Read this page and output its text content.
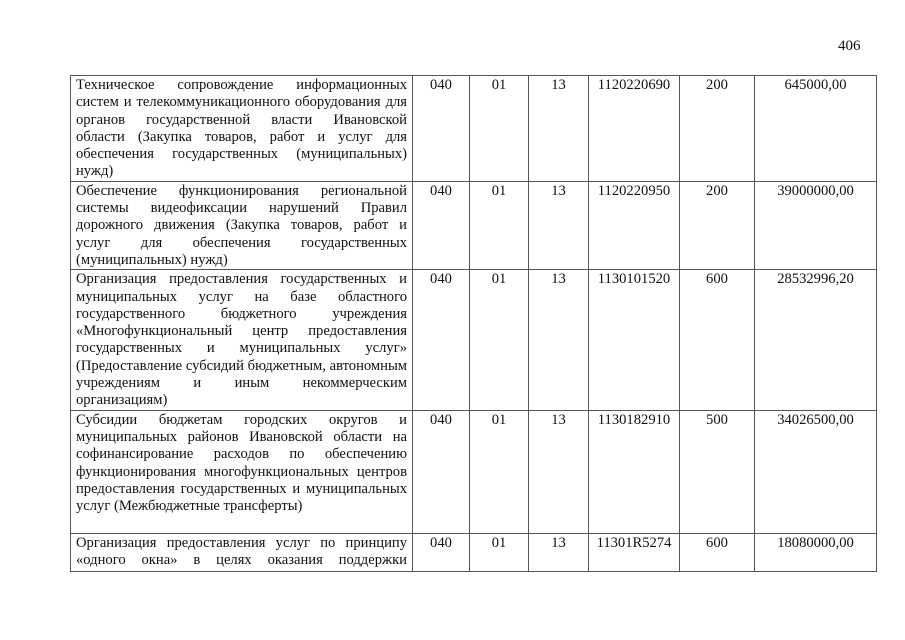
406
Техническое сопровождение информационных систем и телекоммуникационного оборудования для органов государственной власти Ивановской области (Закупка товаров, работ и услуг для обеспечения государственных (муниципальных) нужд)	040	01	13	1120220690	200	645000,00
Обеспечение функционирования региональной системы видеофиксации нарушений Правил дорожного движения (Закупка товаров, работ и услуг для обеспечения государственных (муниципальных) нужд)	040	01	13	1120220950	200	39000000,00
Организация предоставления государственных и муниципальных услуг на базе областного государственного бюджетного учреждения «Многофункциональный центр предоставления государственных и муниципальных услуг» (Предоставление субсидий бюджетным, автономным учреждениям и иным некоммерческим организациям)	040	01	13	1130101520	600	28532996,20
Субсидии бюджетам городских округов и муниципальных районов Ивановской области на софинансирование расходов по обеспечению функционирования многофункциональных центров предоставления государственных и муниципальных услуг (Межбюджетные трансферты)	040	01	13	1130182910	500	34026500,00

Организация предоставления услуг по принципу «одного окна» в целях оказания поддержки	040	01	13	11301R5274	600	18080000,00
